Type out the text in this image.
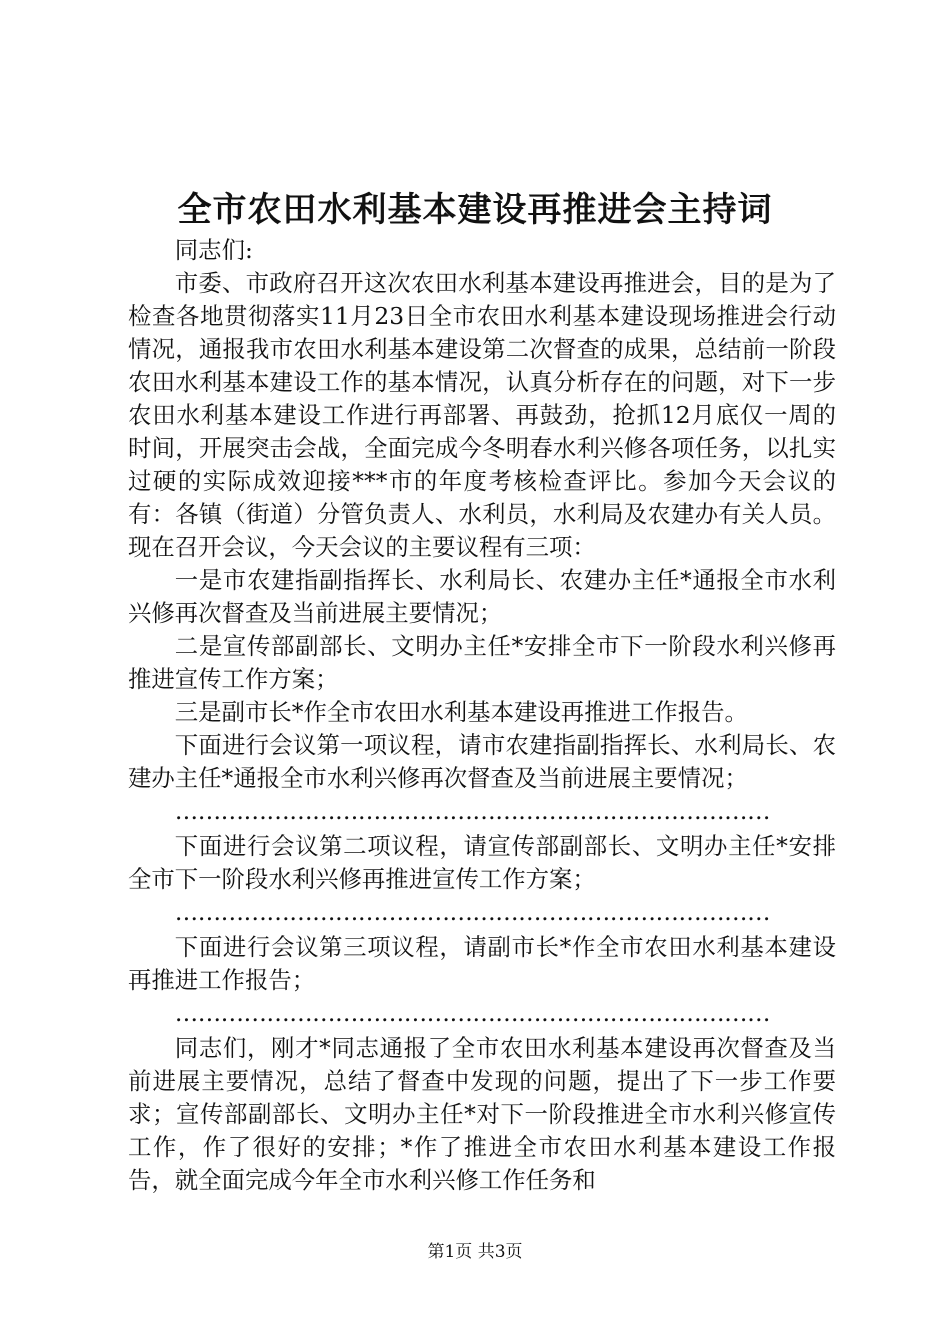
全市农田水利基本建设再推进会主持词

同志们:

市委、市政府召开这次农田水利基本建设再推进会，目的是为了检查各地贯彻落实11月23日全市农田水利基本建设现场推进会行动情况，通报我市农田水利基本建设第二次督查的成果，总结前一阶段农田水利基本建设工作的基本情况，认真分析存在的问题，对下一步农田水利基本建设工作进行再部署、再鼓劲，抢抓12月底仅一周的时间，开展突击会战，全面完成今冬明春水利兴修各项任务，以扎实过硬的实际成效迎接***市的年度考核检查评比。参加今天会议的有：各镇（街道）分管负责人、水利员，水利局及农建办有关人员。现在召开会议，今天会议的主要议程有三项：

一是市农建指副指挥长、水利局长、农建办主任*通报全市水利兴修再次督查及当前进展主要情况；

二是宣传部副部长、文明办主任*安排全市下一阶段水利兴修再推进宣传工作方案；

三是副市长*作全市农田水利基本建设再推进工作报告。

下面进行会议第一项议程，请市农建指副指挥长、水利局长、农建办主任*通报全市水利兴修再次督查及当前进展主要情况；

……………………………………………………………………

下面进行会议第二项议程，请宣传部副部长、文明办主任*安排全市下一阶段水利兴修再推进宣传工作方案；

……………………………………………………………………

下面进行会议第三项议程，请副市长*作全市农田水利基本建设再推进工作报告；

……………………………………………………………………

同志们，刚才*同志通报了全市农田水利基本建设再次督查及当前进展主要情况，总结了督查中发现的问题，提出了下一步工作要求；宣传部副部长、文明办主任*对下一阶段推进全市水利兴修宣传工作，作了很好的安排；*作了推进全市农田水利基本建设工作报告，就全面完成今年全市水利兴修工作任务和

第1页 共3页
